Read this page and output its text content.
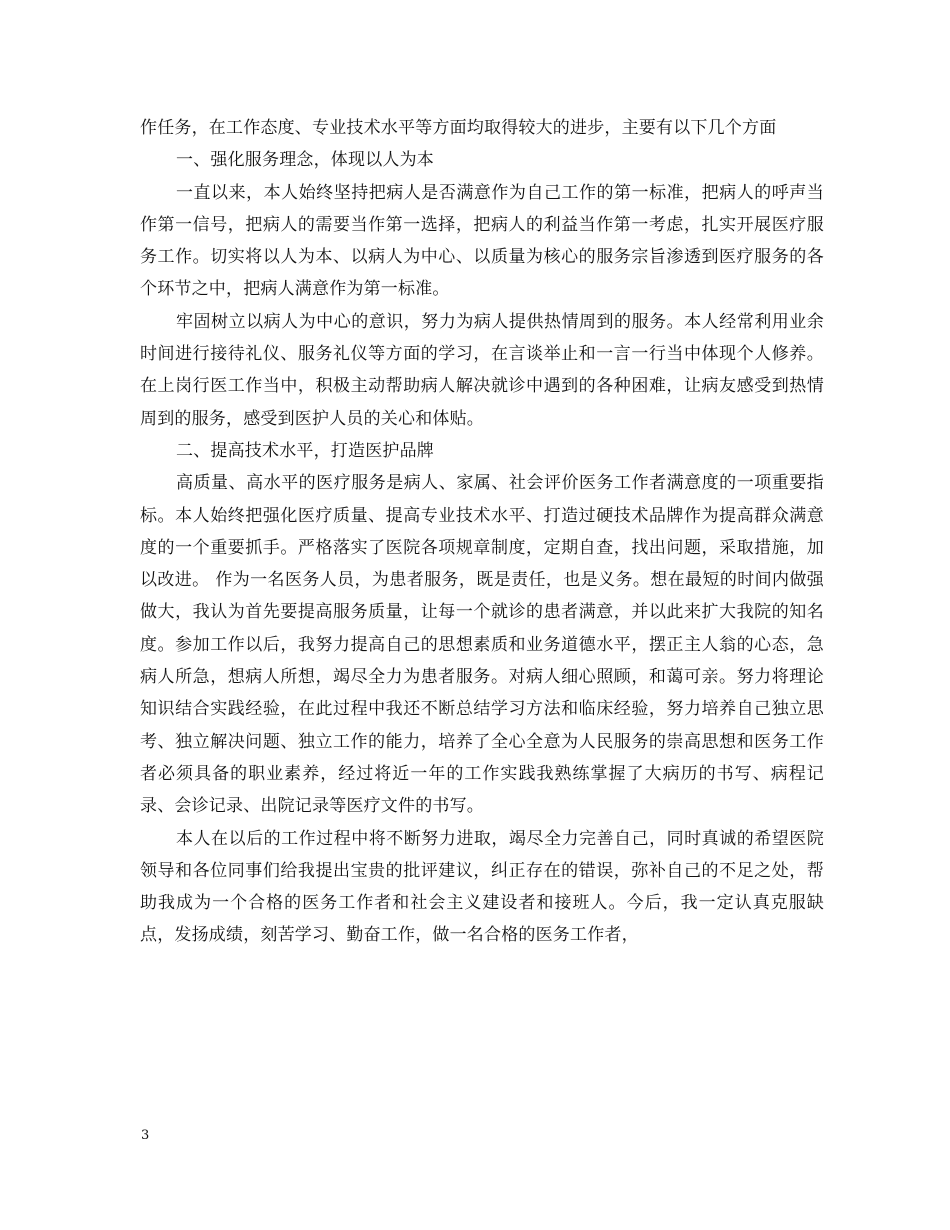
作任务，在工作态度、专业技术水平等方面均取得较大的进步，主要有以下几个方面

一、强化服务理念，体现以人为本

一直以来，本人始终坚持把病人是否满意作为自己工作的第一标准，把病人的呼声当作第一信号，把病人的需要当作第一选择，把病人的利益当作第一考虑，扎实开展医疗服务工作。切实将以人为本、以病人为中心、以质量为核心的服务宗旨渗透到医疗服务的各个环节之中，把病人满意作为第一标准。

牢固树立以病人为中心的意识，努力为病人提供热情周到的服务。本人经常利用业余时间进行接待礼仪、服务礼仪等方面的学习，在言谈举止和一言一行当中体现个人修养。在上岗行医工作当中，积极主动帮助病人解决就诊中遇到的各种困难，让病友感受到热情周到的服务，感受到医护人员的关心和体贴。

二、提高技术水平，打造医护品牌

高质量、高水平的医疗服务是病人、家属、社会评价医务工作者满意度的一项重要指标。本人始终把强化医疗质量、提高专业技术水平、打造过硬技术品牌作为提高群众满意度的一个重要抓手。严格落实了医院各项规章制度，定期自查，找出问题，采取措施，加以改进。 作为一名医务人员，为患者服务，既是责任，也是义务。想在最短的时间内做强做大，我认为首先要提高服务质量，让每一个就诊的患者满意，并以此来扩大我院的知名度。参加工作以后，我努力提高自己的思想素质和业务道德水平，摆正主人翁的心态，急病人所急，想病人所想，竭尽全力为患者服务。对病人细心照顾，和蔼可亲。努力将理论知识结合实践经验，在此过程中我还不断总结学习方法和临床经验，努力培养自己独立思考、独立解决问题、独立工作的能力，培养了全心全意为人民服务的崇高思想和医务工作者必须具备的职业素养，经过将近一年的工作实践我熟练掌握了大病历的书写、病程记录、会诊记录、出院记录等医疗文件的书写。

本人在以后的工作过程中将不断努力进取，竭尽全力完善自己，同时真诚的希望医院领导和各位同事们给我提出宝贵的批评建议，纠正存在的错误，弥补自己的不足之处，帮助我成为一个合格的医务工作者和社会主义建设者和接班人。今后，我一定认真克服缺点，发扬成绩，刻苦学习、勤奋工作，做一名合格的医务工作者，

3
